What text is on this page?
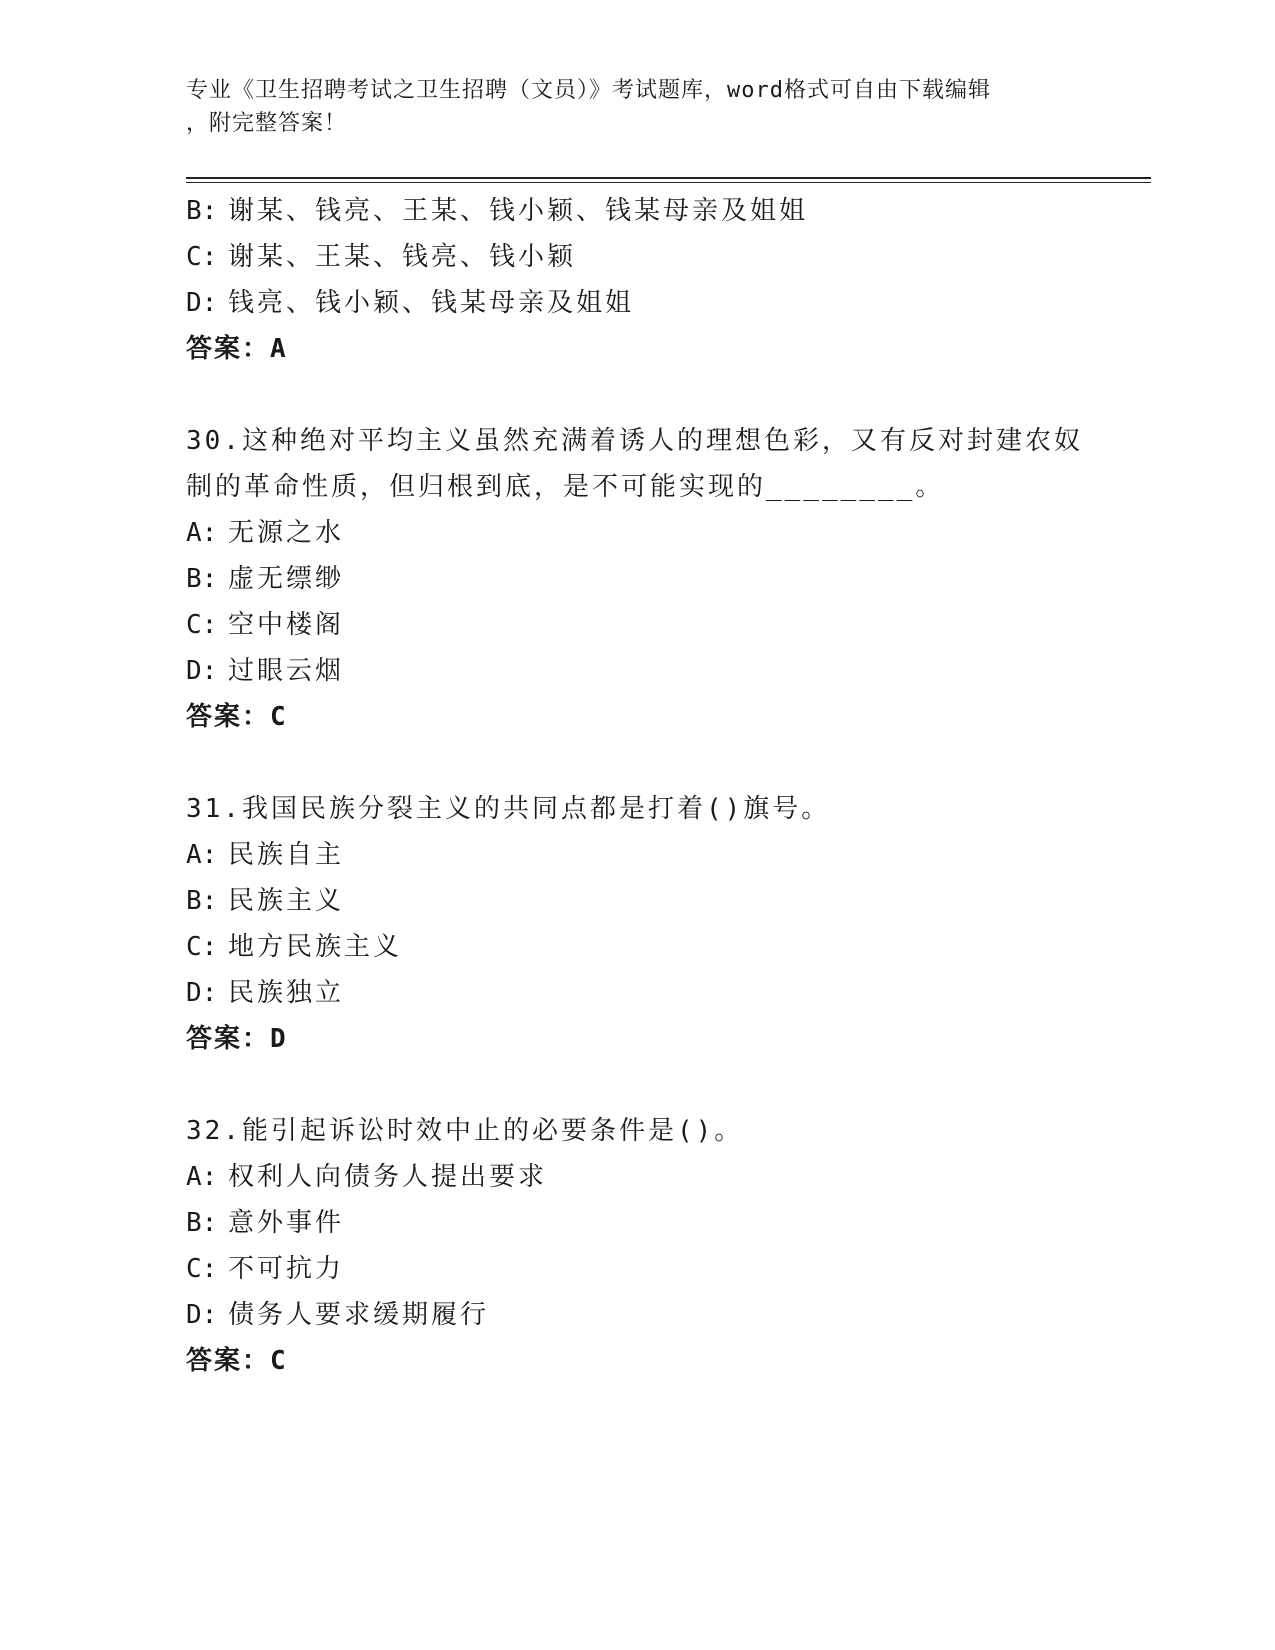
专业《卫生招聘考试之卫生招聘（文员）》考试题库，word格式可自由下载编辑
，附完整答案！
B: 谢某、钱亮、王某、钱小颖、钱某母亲及姐姐
C: 谢某、王某、钱亮、钱小颖
D: 钱亮、钱小颖、钱某母亲及姐姐
答案：A
30.这种绝对平均主义虽然充满着诱人的理想色彩，又有反对封建农奴
制的革命性质，但归根到底，是不可能实现的________。
A: 无源之水
B: 虚无缥缈
C: 空中楼阁
D: 过眼云烟
答案：C
31.我国民族分裂主义的共同点都是打着()旗号。
A: 民族自主
B: 民族主义
C: 地方民族主义
D: 民族独立
答案：D
32.能引起诉讼时效中止的必要条件是()。
A: 权利人向债务人提出要求
B: 意外事件
C: 不可抗力
D: 债务人要求缓期履行
答案：C
